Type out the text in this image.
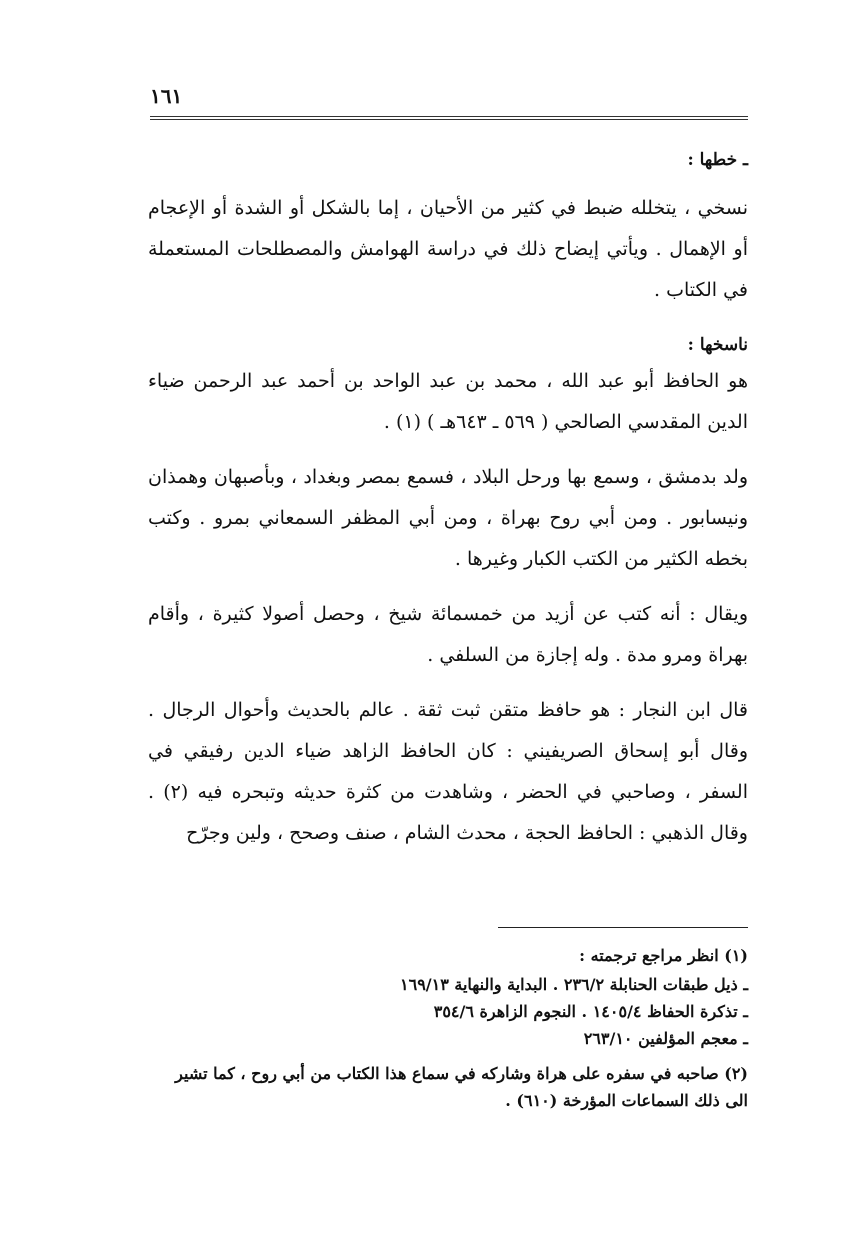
١٦١
ـ خطها :

نسخي ، يتخلله ضبط في كثير من الأحيان ، إما بالشكل أو الشدة أو الإعجام أو الإهمال . ويأتي إيضاح ذلك في دراسة الهوامش والمصطلحات المستعملة في الكتاب .

ناسخها :

هو الحافظ أبو عبد الله ، محمد بن عبد الواحد بن أحمد عبد الرحمن ضياء الدين المقدسي الصالحي ( ٥٦٩ ـ ٦٤٣هـ ) (١) .

ولد بدمشق ، وسمع بها ورحل البلاد ، فسمع بمصر وبغداد ، وبأصبهان وهمذان ونيسابور . ومن أبي روح بهراة ، ومن أبي المظفر السمعاني بمرو . وكتب بخطه الكثير من الكتب الكبار وغيرها .

ويقال : أنه كتب عن أزيد من خمسمائة شيخ ، وحصل أصولا كثيرة ، وأقام بهراة ومرو مدة . وله إجازة من السلفي .

قال ابن النجار : هو حافظ متقن ثبت ثقة . عالم بالحديث وأحوال الرجال . وقال أبو إسحاق الصريفيني : كان الحافظ الزاهد ضياء الدين رفيقي في السفر ، وصاحبي في الحضر ، وشاهدت من كثرة حديثه وتبحره فيه (٢) . وقال الذهبي : الحافظ الحجة ، محدث الشام ، صنف وصحح ، ولين وجرّح

(١) انظر مراجع ترجمته :

ـ ذيل طبقات الحنابلة ٢٣٦/٢ . البداية والنهاية ١٦٩/١٣

ـ تذكرة الحفاظ ١٤٠٥/٤ . النجوم الزاهرة ٣٥٤/٦

ـ معجم المؤلفين ٢٦٣/١٠

(٢) صاحبه في سفره على هراة وشاركه في سماع هذا الكتاب من أبي روح ، كما تشير الى ذلك السماعات المؤرخة (٦١٠) .
